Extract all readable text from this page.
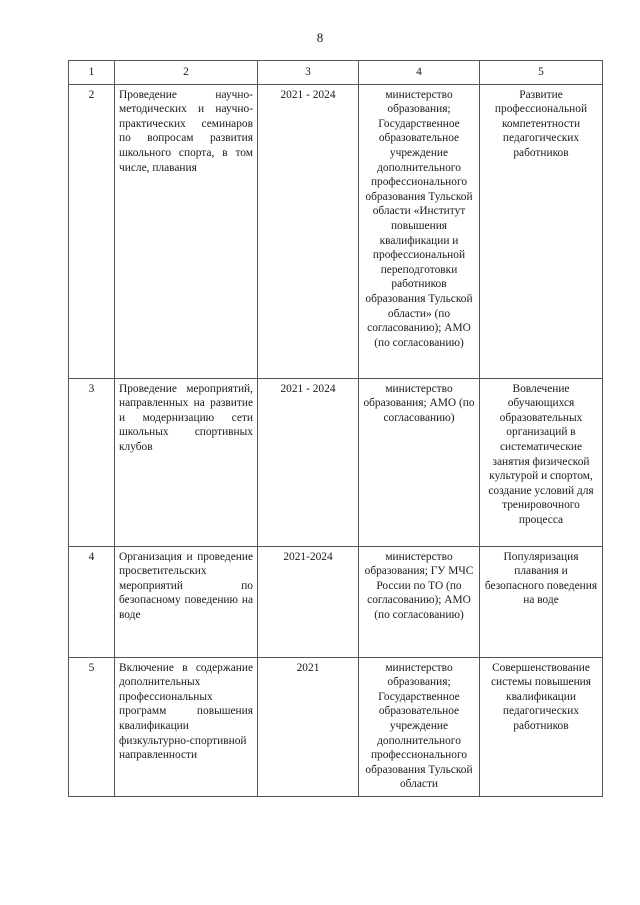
8
1	2	3	4	5
2	Проведение научно-методических и научно-практических семинаров по вопросам развития школьного спорта, в том числе, плавания	2021 - 2024	министерство образования; Государственное образовательное учреждение дополнительного профессионального образования Тульской области «Институт повышения квалификации и профессиональной переподготовки работников образования Тульской области» (по согласованию); АМО (по согласованию)	Развитие профессиональной компетентности педагогических работников
3	Проведение мероприятий, направленных на развитие и модернизацию сети школьных спортивных клубов	2021 - 2024	министерство образования; АМО (по согласованию)	Вовлечение обучающихся образовательных организаций в систематические занятия физической культурой и спортом, создание условий для тренировочного процесса
4	Организация и проведение просветительских мероприятий по безопасному поведению на воде	2021-2024	министерство образования; ГУ МЧС России по ТО (по согласованию); АМО (по согласованию)	Популяризация плавания и безопасного поведения на воде
5	Включение в содержание дополнительных профессиональных программ повышения квалификации физкультурно-спортивной направленности	2021	министерство образования; Государственное образовательное учреждение дополнительного профессионального образования Тульской области	Совершенствование системы повышения квалификации педагогических работников
